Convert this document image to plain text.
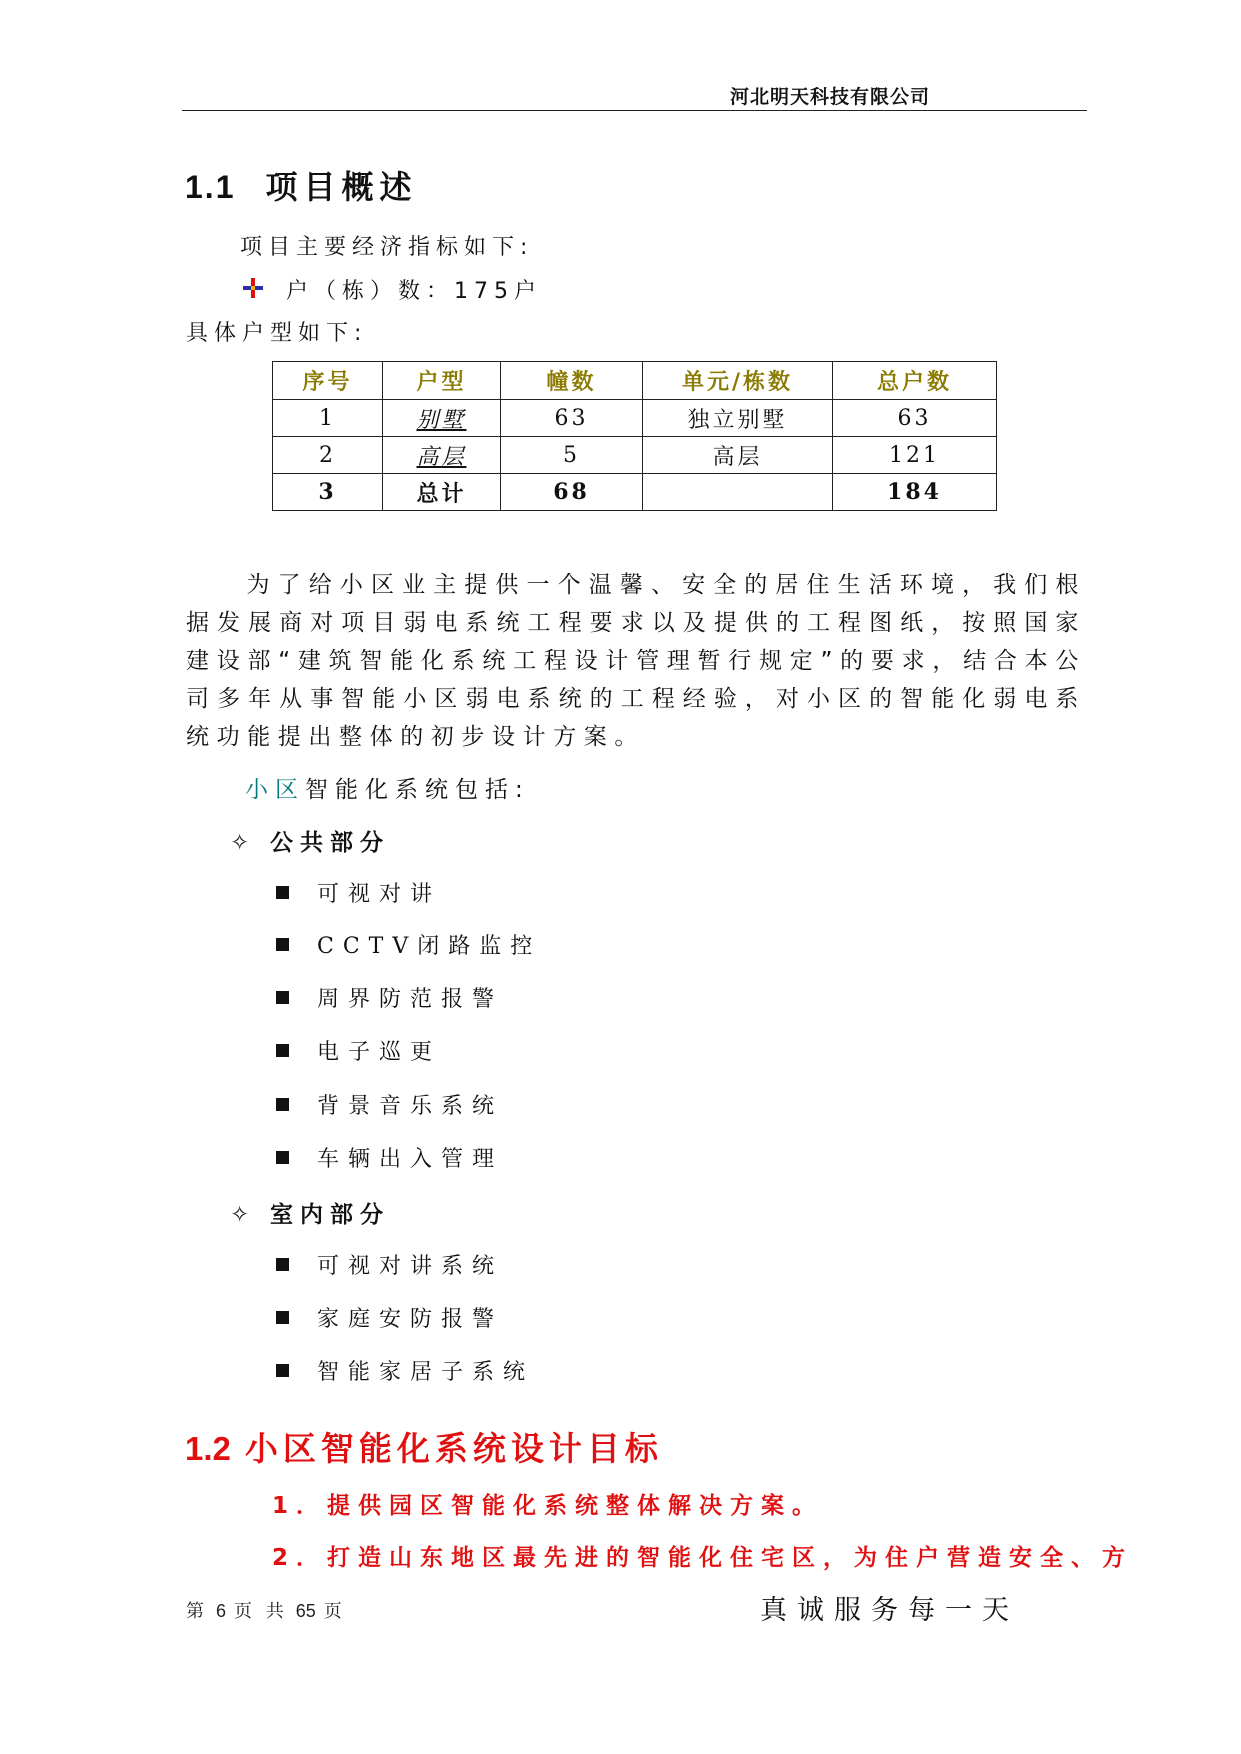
河北明天科技有限公司
1.1 项目概述
项目主要经济指标如下:
户（栋）数：175户
具体户型如下:
序号	户型	幢数	单元/栋数	总户数
1	别墅	63	独立别墅	63
2	高层	5	高层	121
3	总计	68		184
为了给小区业主提供一个温馨、安全的居住生活环境，我们根据发展商对项目弱电系统工程要求以及提供的工程图纸，按照国家建设部“建筑智能化系统工程设计管理暂行规定”的要求，结合本公司多年从事智能小区弱电系统的工程经验，对小区的智能化弱电系统功能提出整体的初步设计方案。
小区智能化系统包括:
✧ 公共部分
可视对讲
CCTV闭路监控
周界防范报警
电子巡更
背景音乐系统
车辆出入管理
✧ 室内部分
可视对讲系统
家庭安防报警
智能家居子系统
1.2 小区智能化系统设计目标
1．提供园区智能化系统整体解决方案。
2．打造山东地区最先进的智能化住宅区，为住户营造安全、方
第 6 页 共 65 页	真诚服务每一天
